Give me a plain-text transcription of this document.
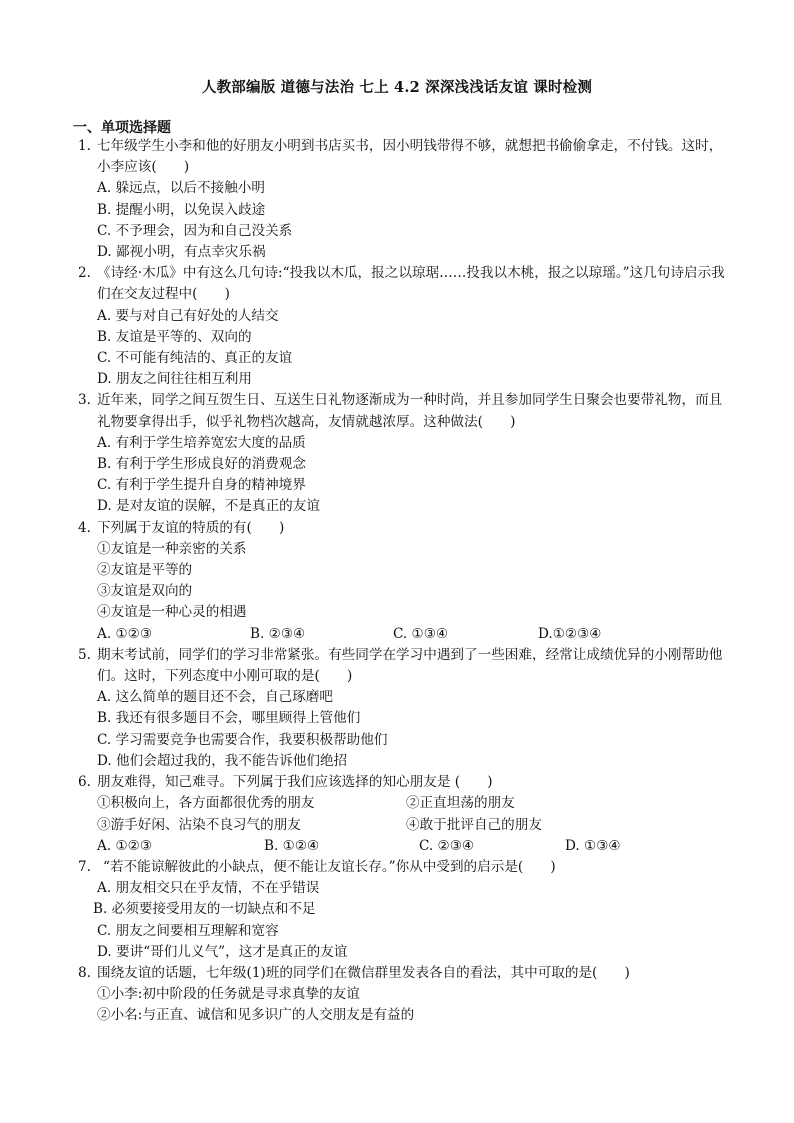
人教部编版 道德与法治 七上 4.2 深深浅浅话友谊 课时检测
一、单项选择题
1. 七年级学生小李和他的好朋友小明到书店买书，因小明钱带得不够，就想把书偷偷拿走，不付钱。这时，小李应该(　　)
A. 躲远点，以后不接触小明
B. 提醒小明，以免误入歧途
C. 不予理会，因为和自己没关系
D. 鄙视小明，有点幸灾乐祸
2. 《诗经·木瓜》中有这么几句诗:“投我以木瓜，报之以琼琚……投我以木桃，报之以琼瑶。”这几句诗启示我们在交友过程中(　　)
A. 要与对自己有好处的人结交
B. 友谊是平等的、双向的
C. 不可能有纯洁的、真正的友谊
D. 朋友之间往往相互利用
3. 近年来，同学之间互贺生日、互送生日礼物逐渐成为一种时尚，并且参加同学生日聚会也要带礼物，而且礼物要拿得出手，似乎礼物档次越高，友情就越浓厚。这种做法(　　)
A. 有利于学生培养宽宏大度的品质
B. 有利于学生形成良好的消费观念
C. 有利于学生提升自身的精神境界
D. 是对友谊的误解，不是真正的友谊
4. 下列属于友谊的特质的有(　　)
①友谊是一种亲密的关系
②友谊是平等的
③友谊是双向的
④友谊是一种心灵的相遇
A. ①②③	B. ②③④	C. ①③④	D.①②③④
5. 期末考试前，同学们的学习非常紧张。有些同学在学习中遇到了一些困难，经常让成绩优异的小刚帮助他们。这时，下列态度中小刚可取的是(　　)
A. 这么简单的题目还不会，自己琢磨吧
B. 我还有很多题目不会，哪里顾得上管他们
C. 学习需要竞争也需要合作，我要积极帮助他们
D. 他们会超过我的，我不能告诉他们绝招
6. 朋友难得，知己难寻。下列属于我们应该选择的知心朋友是 (　　)
①积极向上，各方面都很优秀的朋友	②正直坦荡的朋友
③游手好闲、沾染不良习气的朋友	④敢于批评自己的朋友
A. ①②③	B. ①②④	C. ②③④	D. ①③④
7. “若不能谅解彼此的小缺点，便不能让友谊长存。”你从中受到的启示是(　　)
A. 朋友相交只在乎友情，不在乎错误
B. 必须要接受用友的一切缺点和不足
C. 朋友之间要相互理解和宽容
D. 要讲“哥们儿义气”，这才是真正的友谊
8. 围绕友谊的话题，七年级(1)班的同学们在微信群里发表各自的看法，其中可取的是(　　)
①小李:初中阶段的任务就是寻求真挚的友谊
②小名:与正直、诚信和见多识广的人交朋友是有益的
